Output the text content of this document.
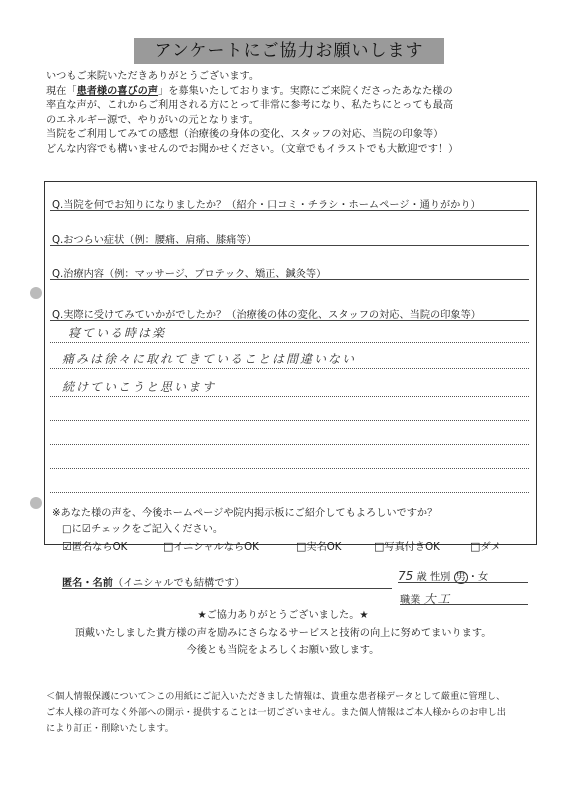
アンケートにご協力お願いします

いつもご来院いただきありがとうございます。

現在「患者様の喜びの声」を募集いたしております。実際にご来院くださったあなた様の

率直な声が、これからご利用される方にとって非常に参考になり、私たちにとっても最高

のエネルギー源で、やりがいの元となります。

当院をご利用してみての感想（治療後の身体の変化、スタッフの対応、当院の印象等）

どんな内容でも構いませんのでお聞かせください。（文章でもイラストでも大歓迎です！）

Q.当院を何でお知りになりましたか？（紹介・口コミ・チラシ・ホームページ・通りがかり）
Q.おつらい症状（例：腰痛、肩痛、膝痛等）
Q.治療内容（例：マッサージ、ブロテック、矯正、鍼灸等）
Q.実際に受けてみていかがでしたか？（治療後の体の変化、スタッフの対応、当院の印象等）
寝ている時は楽
痛みは徐々に取れてきていることは間違いない
続けていこうと思います
※あなた様の声を、今後ホームページや院内掲示板にご紹介してもよろしいですか？
□に☑チェックをご記入ください。
☑匿名ならOK	□イニシャルならOK	□実名OK	□写真付きOK	□ダメ
匿名・名前（イニシャルでも結構です）
75 歳 性別 男 ・女
職業 大工
★ご協力ありがとうございました。★
頂戴いたしました貴方様の声を励みにさらなるサービスと技術の向上に努めてまいります。
今後とも当院をよろしくお願い致します。
＜個人情報保護について＞この用紙にご記入いただきました情報は、貴重な患者様データとして厳重に管理し、
ご本人様の許可なく外部への開示・提供することは一切ございません。また個人情報はご本人様からのお申し出
により訂正・削除いたします。
